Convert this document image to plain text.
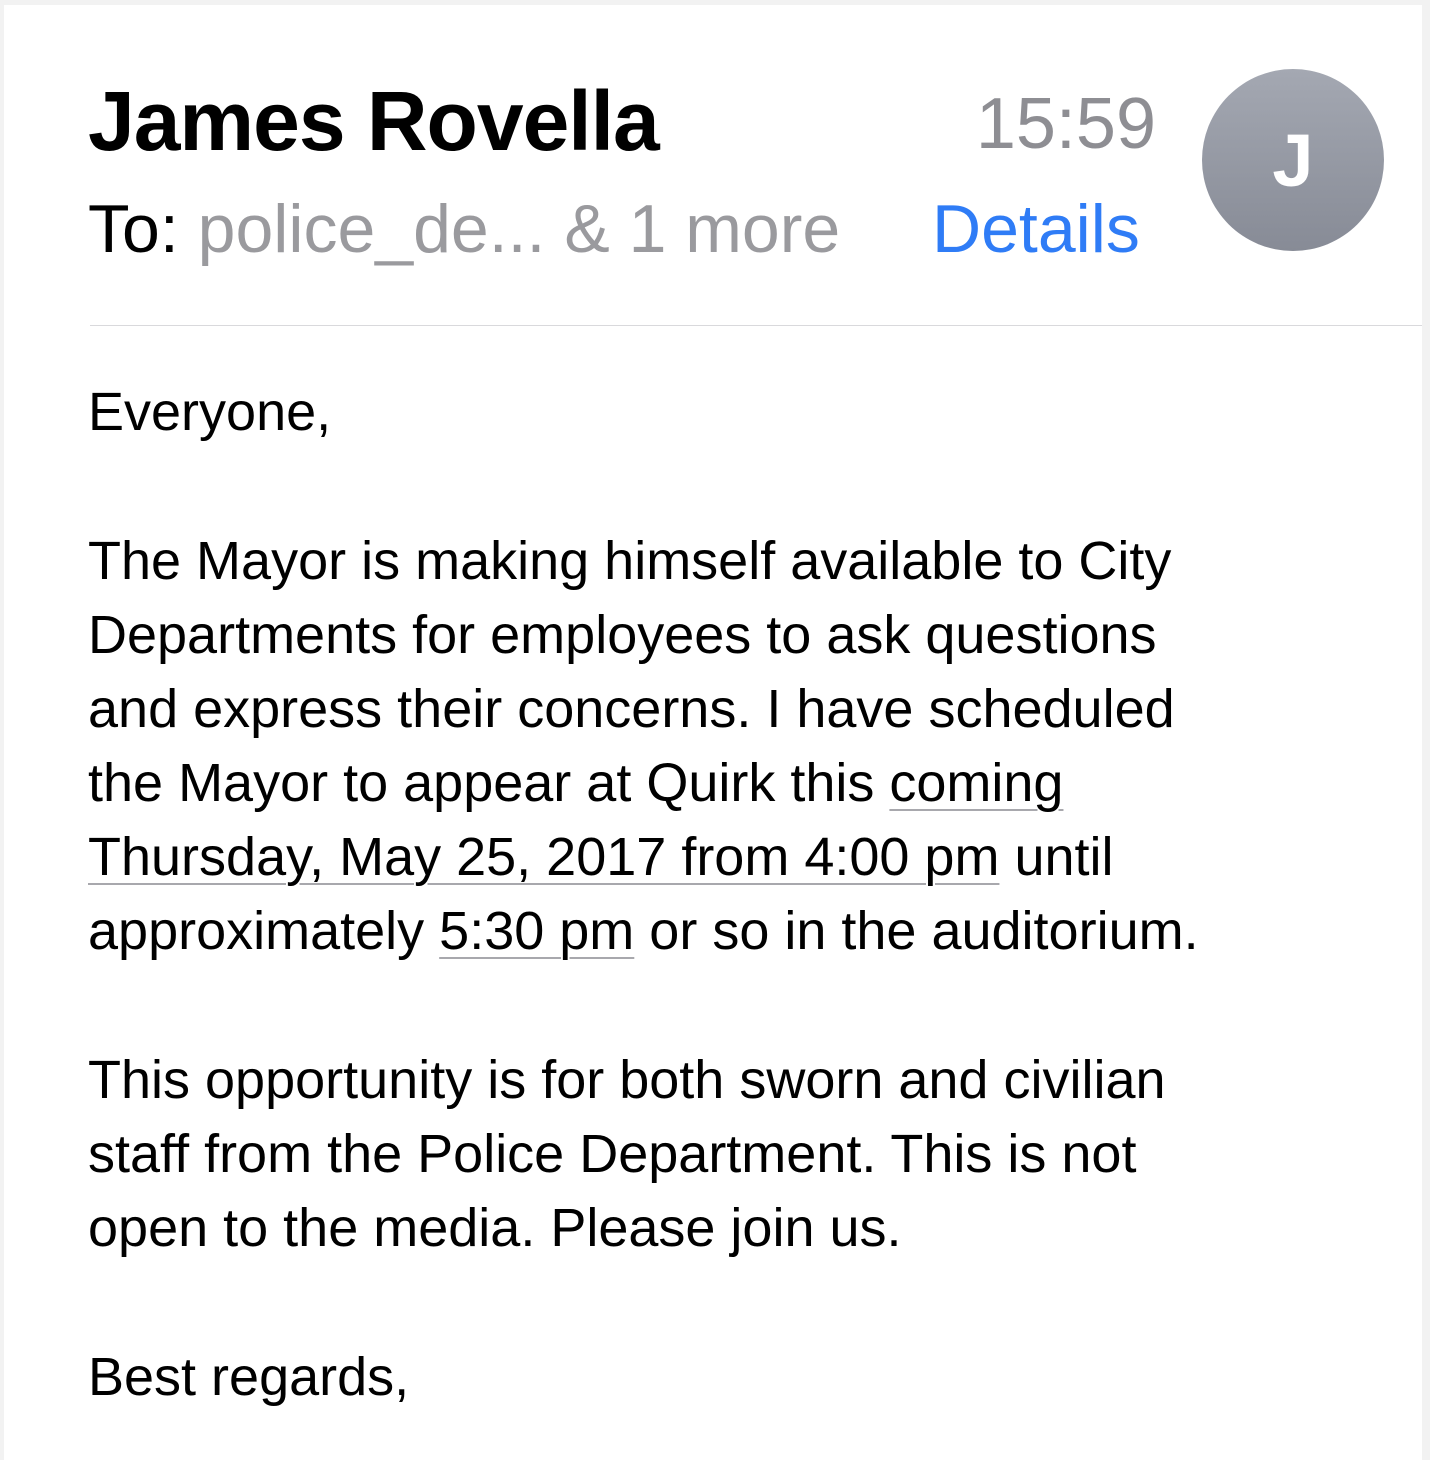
James Rovella	15:59	J
To: police_de... & 1 more Details

Everyone,

The Mayor is making himself available to City

Departments for employees to ask questions

and express their concerns. I have scheduled

the Mayor to appear at Quirk this coming

Thursday, May 25, 2017 from 4:00 pm until

approximately 5:30 pm or so in the auditorium.

This opportunity is for both sworn and civilian

staff from the Police Department. This is not

open to the media. Please join us.

Best regards,
